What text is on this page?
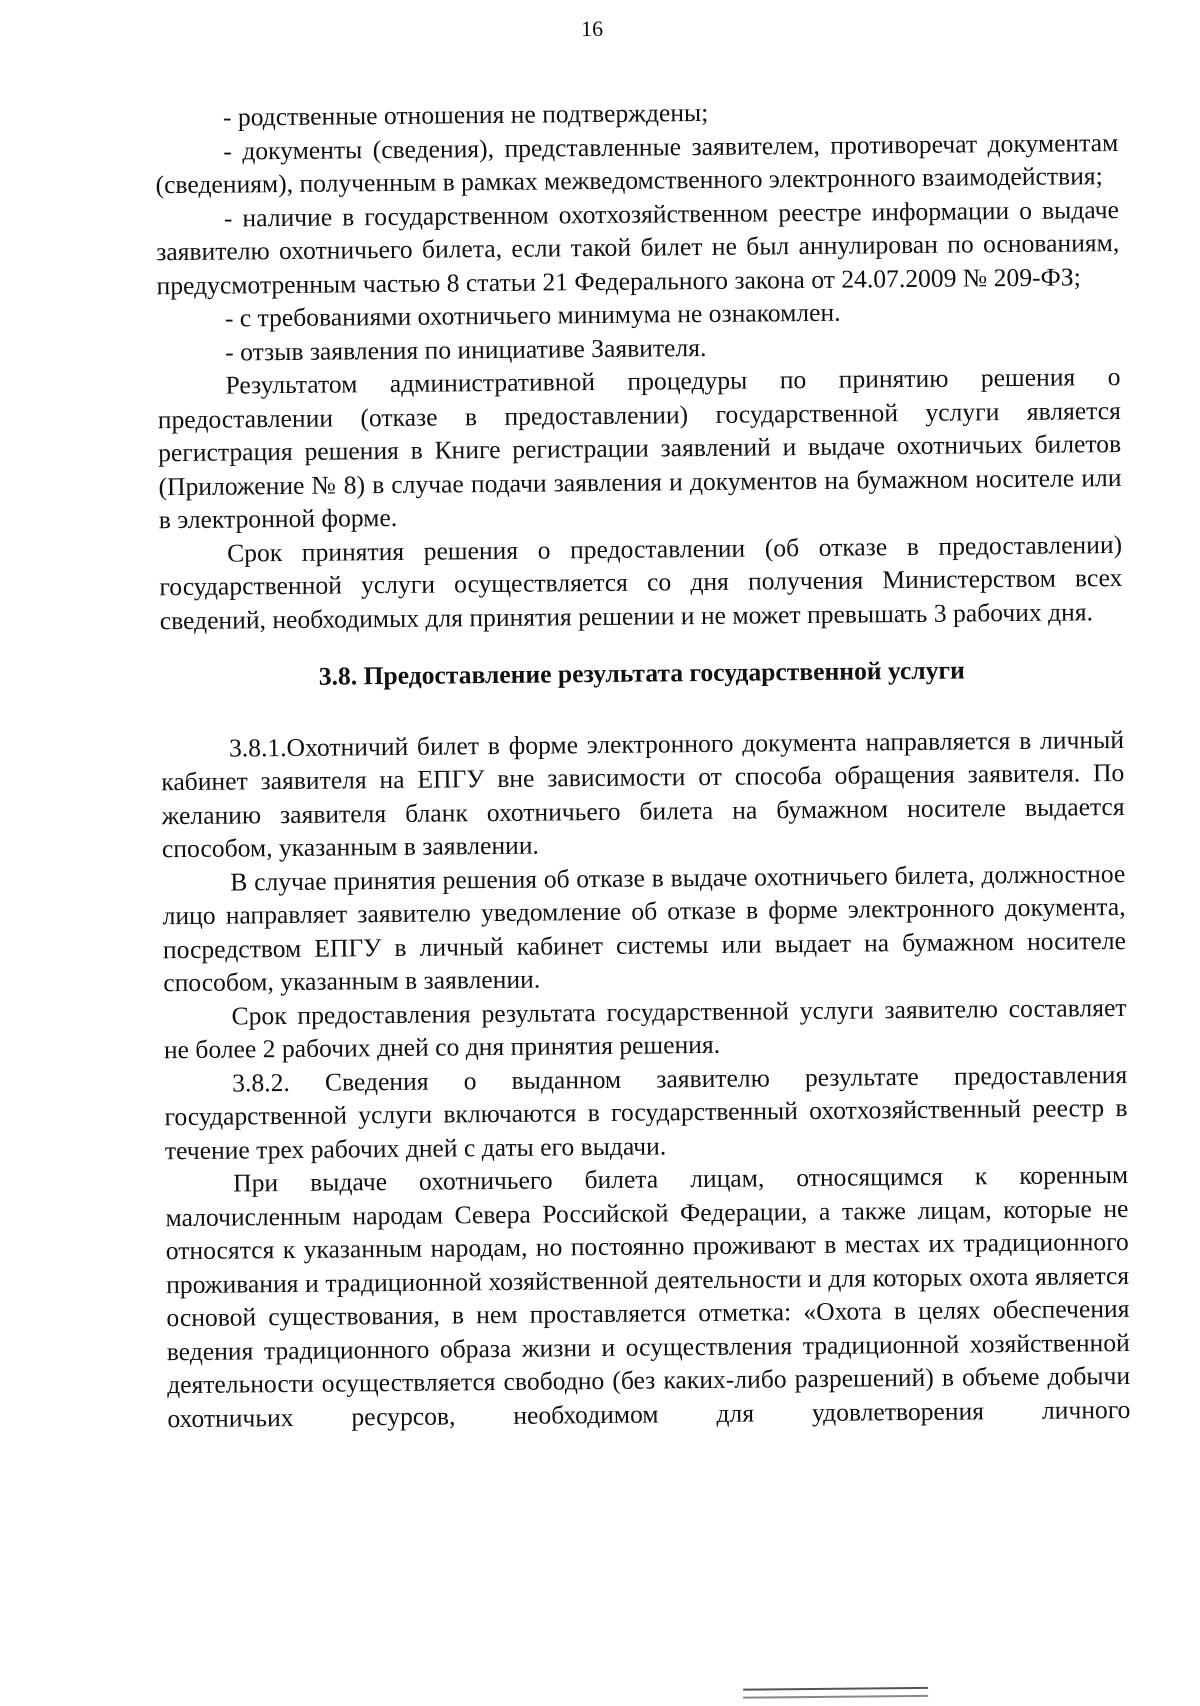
16

- родственные отношения не подтверждены;

- документы (сведения), представленные заявителем, противоречат документам (сведениям), полученным в рамках межведомственного электронного взаимодействия;

- наличие в государственном охотхозяйственном реестре информации о выдаче заявителю охотничьего билета, если такой билет не был аннулирован по основаниям, предусмотренным частью 8 статьи 21 Федерального закона от 24.07.2009 № 209-ФЗ;

- с требованиями охотничьего минимума не ознакомлен.

- отзыв заявления по инициативе Заявителя.

Результатом административной процедуры по принятию решения о предоставлении (отказе в предоставлении) государственной услуги является регистрация решения в Книге регистрации заявлений и выдаче охотничьих билетов (Приложение № 8) в случае подачи заявления и документов на бумажном носителе или в электронной форме.

Срок принятия решения о предоставлении (об отказе в предоставлении) государственной услуги осуществляется со дня получения Министерством всех сведений, необходимых для принятия решении и не может превышать 3 рабочих дня.

3.8. Предоставление результата государственной услуги

3.8.1.Охотничий билет в форме электронного документа направляется в личный кабинет заявителя на ЕПГУ вне зависимости от способа обращения заявителя. По желанию заявителя бланк охотничьего билета на бумажном носителе выдается способом, указанным в заявлении.

В случае принятия решения об отказе в выдаче охотничьего билета, должностное лицо направляет заявителю уведомление об отказе в форме электронного документа, посредством ЕПГУ в личный кабинет системы или выдает на бумажном носителе способом, указанным в заявлении.

Срок предоставления результата государственной услуги заявителю составляет не более 2 рабочих дней со дня принятия решения.

3.8.2. Сведения о выданном заявителю результате предоставления государственной услуги включаются в государственный охотхозяйственный реестр в течение трех рабочих дней с даты его выдачи.

При выдаче охотничьего билета лицам, относящимся к коренным малочисленным народам Севера Российской Федерации, а также лицам, которые не относятся к указанным народам, но постоянно проживают в местах их традиционного проживания и традиционной хозяйственной деятельности и для которых охота является основой существования, в нем проставляется отметка: «Охота в целях обеспечения ведения традиционного образа жизни и осуществления традиционной хозяйственной деятельности осуществляется свободно (без каких-либо разрешений) в объеме добычи охотничьих ресурсов, необходимом для удовлетворения личного
